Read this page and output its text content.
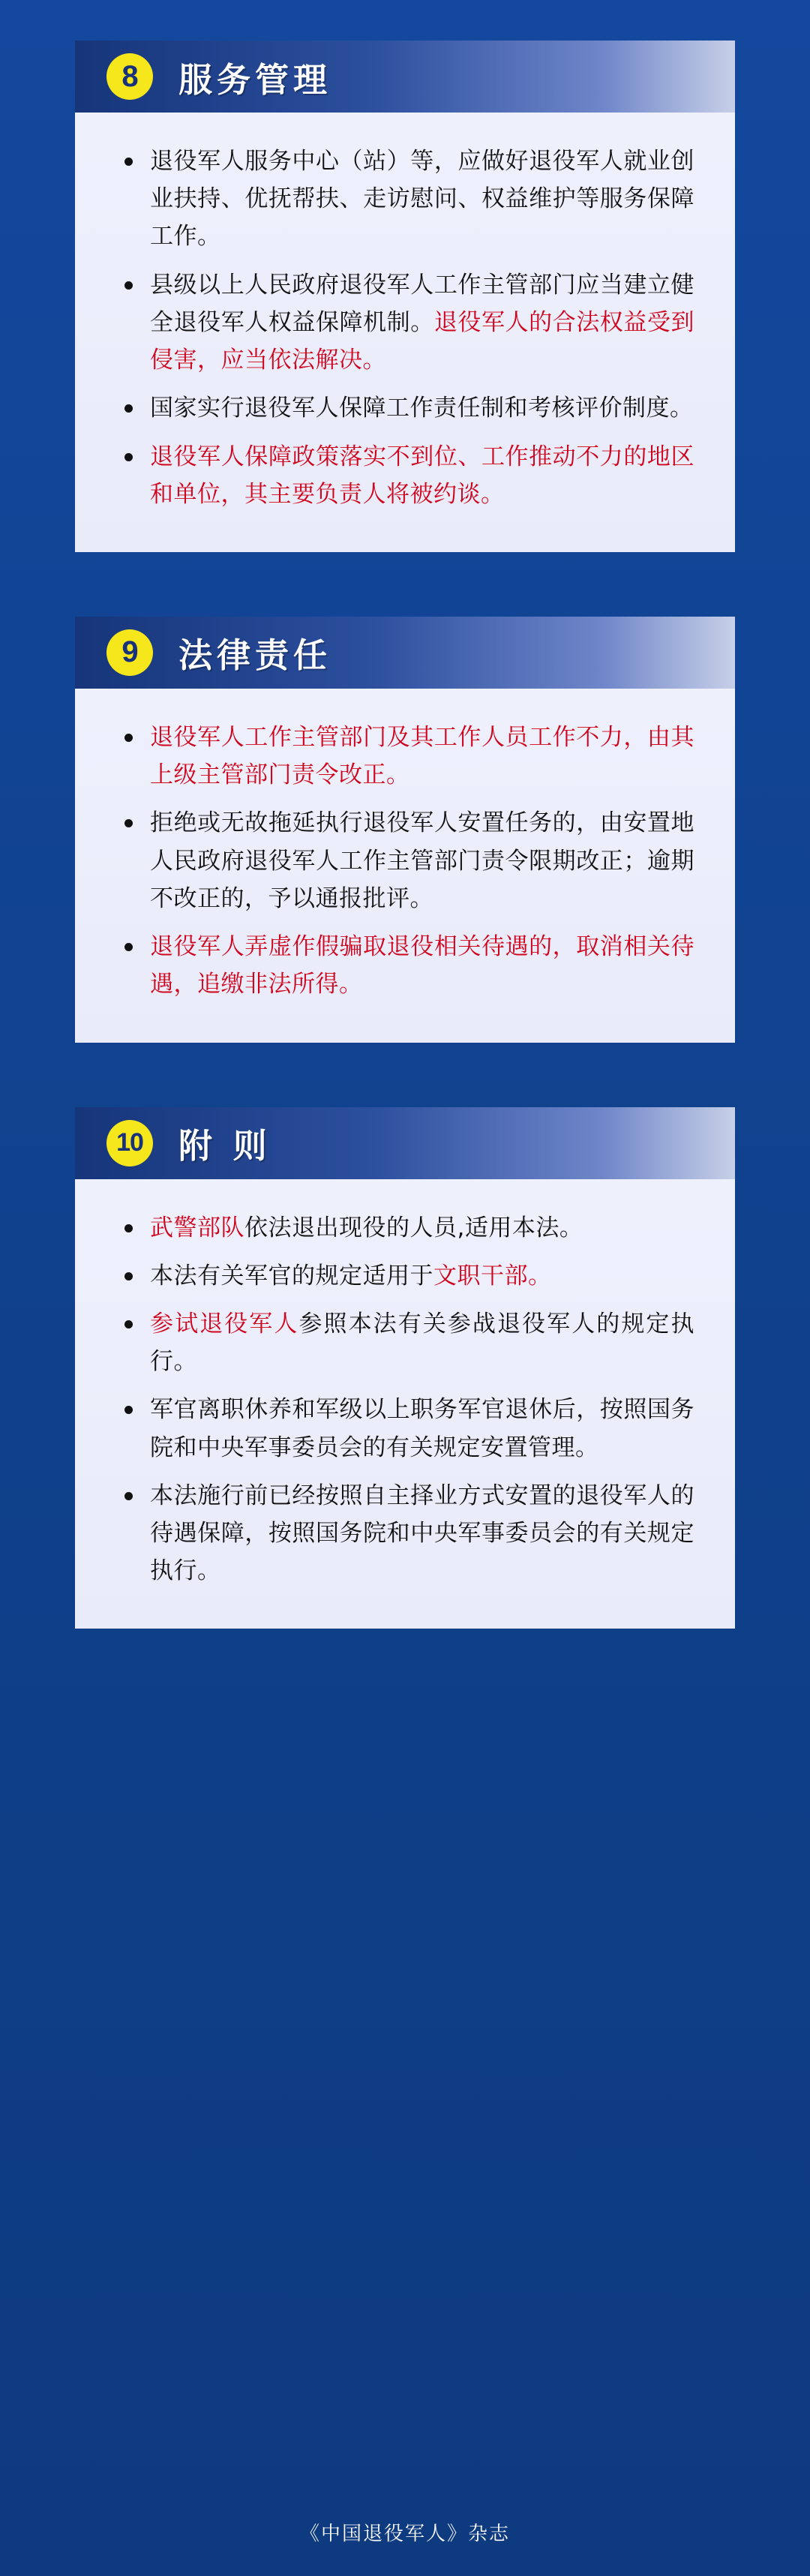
8	服务管理
退役军人服务中心（站）等，应做好退役军人就业创业扶持、优抚帮扶、走访慰问、权益维护等服务保障工作。
县级以上人民政府退役军人工作主管部门应当建立健全退役军人权益保障机制。退役军人的合法权益受到侵害，应当依法解决。
国家实行退役军人保障工作责任制和考核评价制度。
退役军人保障政策落实不到位、工作推动不力的地区和单位，其主要负责人将被约谈。
9	法律责任
退役军人工作主管部门及其工作人员工作不力，由其上级主管部门责令改正。
拒绝或无故拖延执行退役军人安置任务的，由安置地人民政府退役军人工作主管部门责令限期改正；逾期不改正的，予以通报批评。
退役军人弄虚作假骗取退役相关待遇的，取消相关待遇，追缴非法所得。
10 附 则
武警部队依法退出现役的人员,适用本法。
本法有关军官的规定适用于文职干部。
参试退役军人参照本法有关参战退役军人的规定执行。
军官离职休养和军级以上职务军官退休后，按照国务院和中央军事委员会的有关规定安置管理。
本法施行前已经按照自主择业方式安置的退役军人的待遇保障，按照国务院和中央军事委员会的有关规定执行。
《中国退役军人》杂志
